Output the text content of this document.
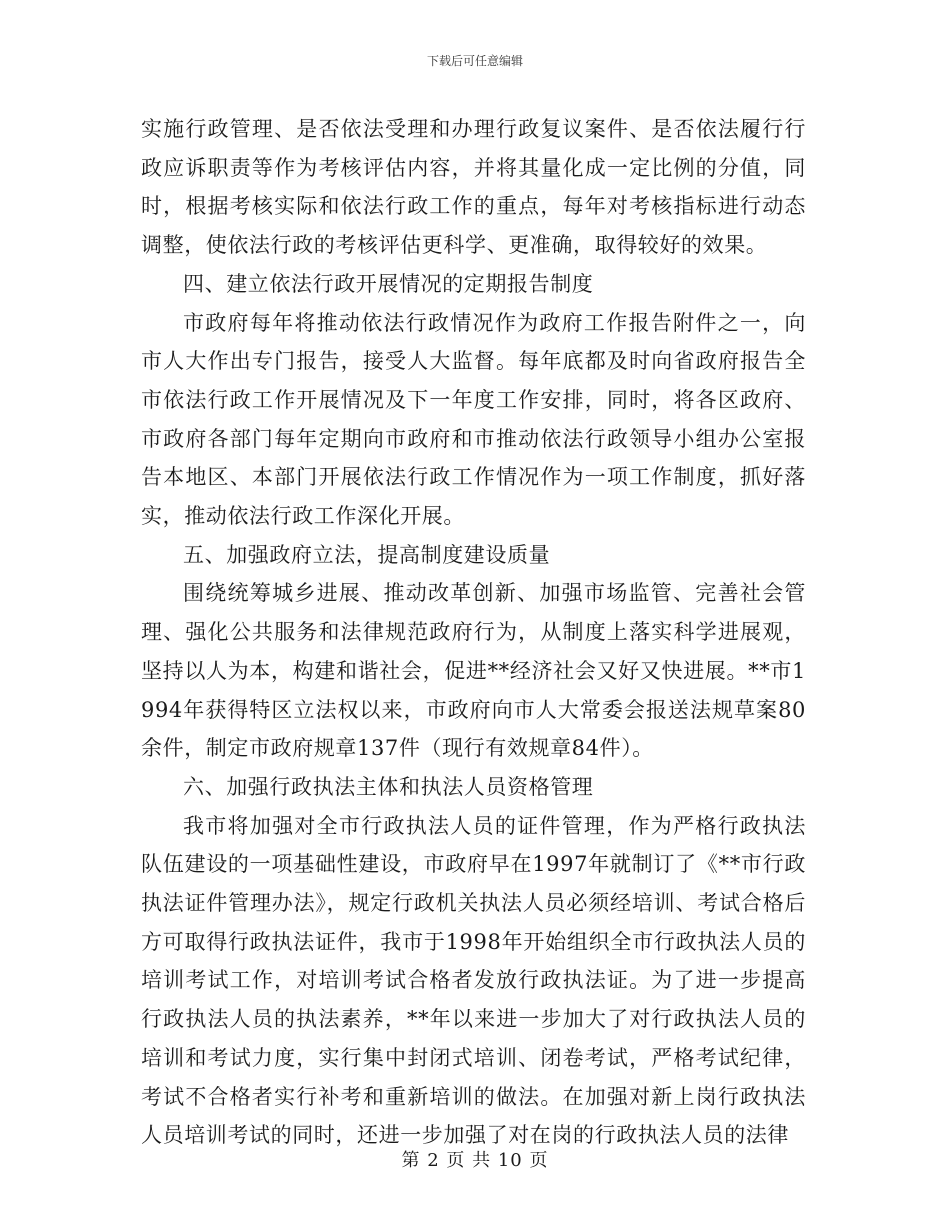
下载后可任意编辑

实施行政管理、是否依法受理和办理行政复议案件、是否依法履行行政应诉职责等作为考核评估内容，并将其量化成一定比例的分值，同时，根据考核实际和依法行政工作的重点，每年对考核指标进行动态调整，使依法行政的考核评估更科学、更准确，取得较好的效果。

四、建立依法行政开展情况的定期报告制度

市政府每年将推动依法行政情况作为政府工作报告附件之一，向市人大作出专门报告，接受人大监督。每年底都及时向省政府报告全市依法行政工作开展情况及下一年度工作安排，同时，将各区政府、市政府各部门每年定期向市政府和市推动依法行政领导小组办公室报告本地区、本部门开展依法行政工作情况作为一项工作制度，抓好落实，推动依法行政工作深化开展。

五、加强政府立法，提高制度建设质量

围绕统筹城乡进展、推动改革创新、加强市场监管、完善社会管理、强化公共服务和法律规范政府行为，从制度上落实科学进展观，坚持以人为本，构建和谐社会，促进**经济社会又好又快进展。**市1994年获得特区立法权以来，市政府向市人大常委会报送法规草案80余件，制定市政府规章137件（现行有效规章84件）。

六、加强行政执法主体和执法人员资格管理

我市将加强对全市行政执法人员的证件管理，作为严格行政执法队伍建设的一项基础性建设，市政府早在1997年就制订了《**市行政执法证件管理办法》，规定行政机关执法人员必须经培训、考试合格后方可取得行政执法证件，我市于1998年开始组织全市行政执法人员的培训考试工作，对培训考试合格者发放行政执法证。为了进一步提高行政执法人员的执法素养，**年以来进一步加大了对行政执法人员的培训和考试力度，实行集中封闭式培训、闭卷考试，严格考试纪律，考试不合格者实行补考和重新培训的做法。在加强对新上岗行政执法人员培训考试的同时，还进一步加强了对在岗的行政执法人员的法律

第 2 页 共 10 页
